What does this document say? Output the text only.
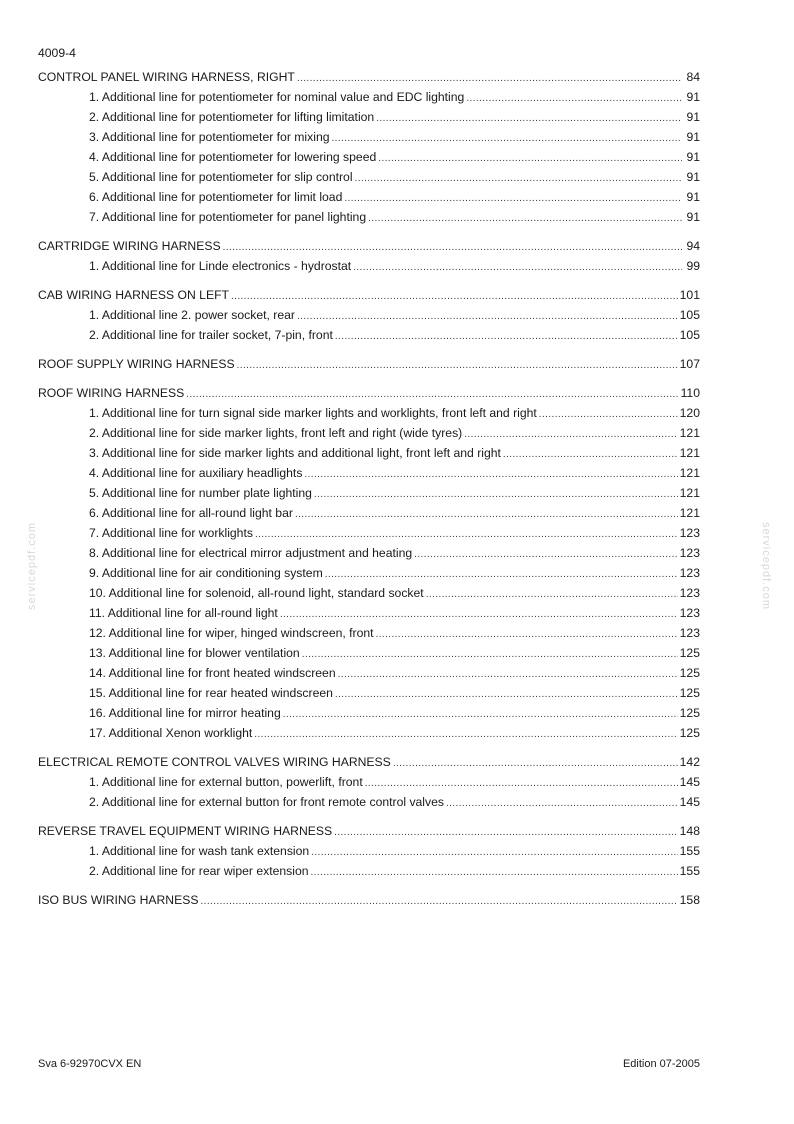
4009-4
CONTROL PANEL WIRING HARNESS, RIGHT .....	84
1. Additional line for potentiometer for nominal value and EDC lighting .....	91
2. Additional line for potentiometer for lifting limitation .....	91
3. Additional line for potentiometer for mixing .....	91
4. Additional line for potentiometer for lowering speed .....	91
5. Additional line for potentiometer for slip control .....	91
6. Additional line for potentiometer for limit load .....	91
7. Additional line for potentiometer for panel lighting .....	91
CARTRIDGE WIRING HARNESS .....	94
1. Additional line for Linde electronics - hydrostat .....	99
CAB WIRING HARNESS ON LEFT .....	101
1. Additional line 2. power socket, rear .....	105
2. Additional line for trailer socket, 7-pin, front .....	105
ROOF SUPPLY WIRING HARNESS .....	107
ROOF WIRING HARNESS .....	110
1. Additional line for turn signal side marker lights and worklights, front left and right .....	120
2. Additional line for side marker lights, front left and right (wide tyres) .....	121
3. Additional line for side marker lights and additional light, front left and right .....	121
4. Additional line for auxiliary headlights .....	121
5. Additional line for number plate lighting .....	121
6. Additional line for all-round light bar .....	121
7. Additional line for worklights .....	123
8. Additional line for electrical mirror adjustment and heating .....	123
9. Additional line for air conditioning system .....	123
10. Additional line for solenoid, all-round light, standard socket .....	123
11. Additional line for all-round light .....	123
12. Additional line for wiper, hinged windscreen, front .....	123
13. Additional line for blower ventilation .....	125
14. Additional line for front heated windscreen .....	125
15. Additional line for rear heated windscreen .....	125
16. Additional line for mirror heating .....	125
17. Additional Xenon worklight .....	125
ELECTRICAL REMOTE CONTROL VALVES WIRING HARNESS .....	142
1. Additional line for external button, powerlift, front .....	145
2. Additional line for external button for front remote control valves .....	145
REVERSE TRAVEL EQUIPMENT WIRING HARNESS .....	148
1. Additional line for wash tank extension .....	155
2. Additional line for rear wiper extension .....	155
ISO BUS WIRING HARNESS .....	158
servicepdf.com	servicepdf.com
Sva 6-92970CVX EN	Edition 07-2005
